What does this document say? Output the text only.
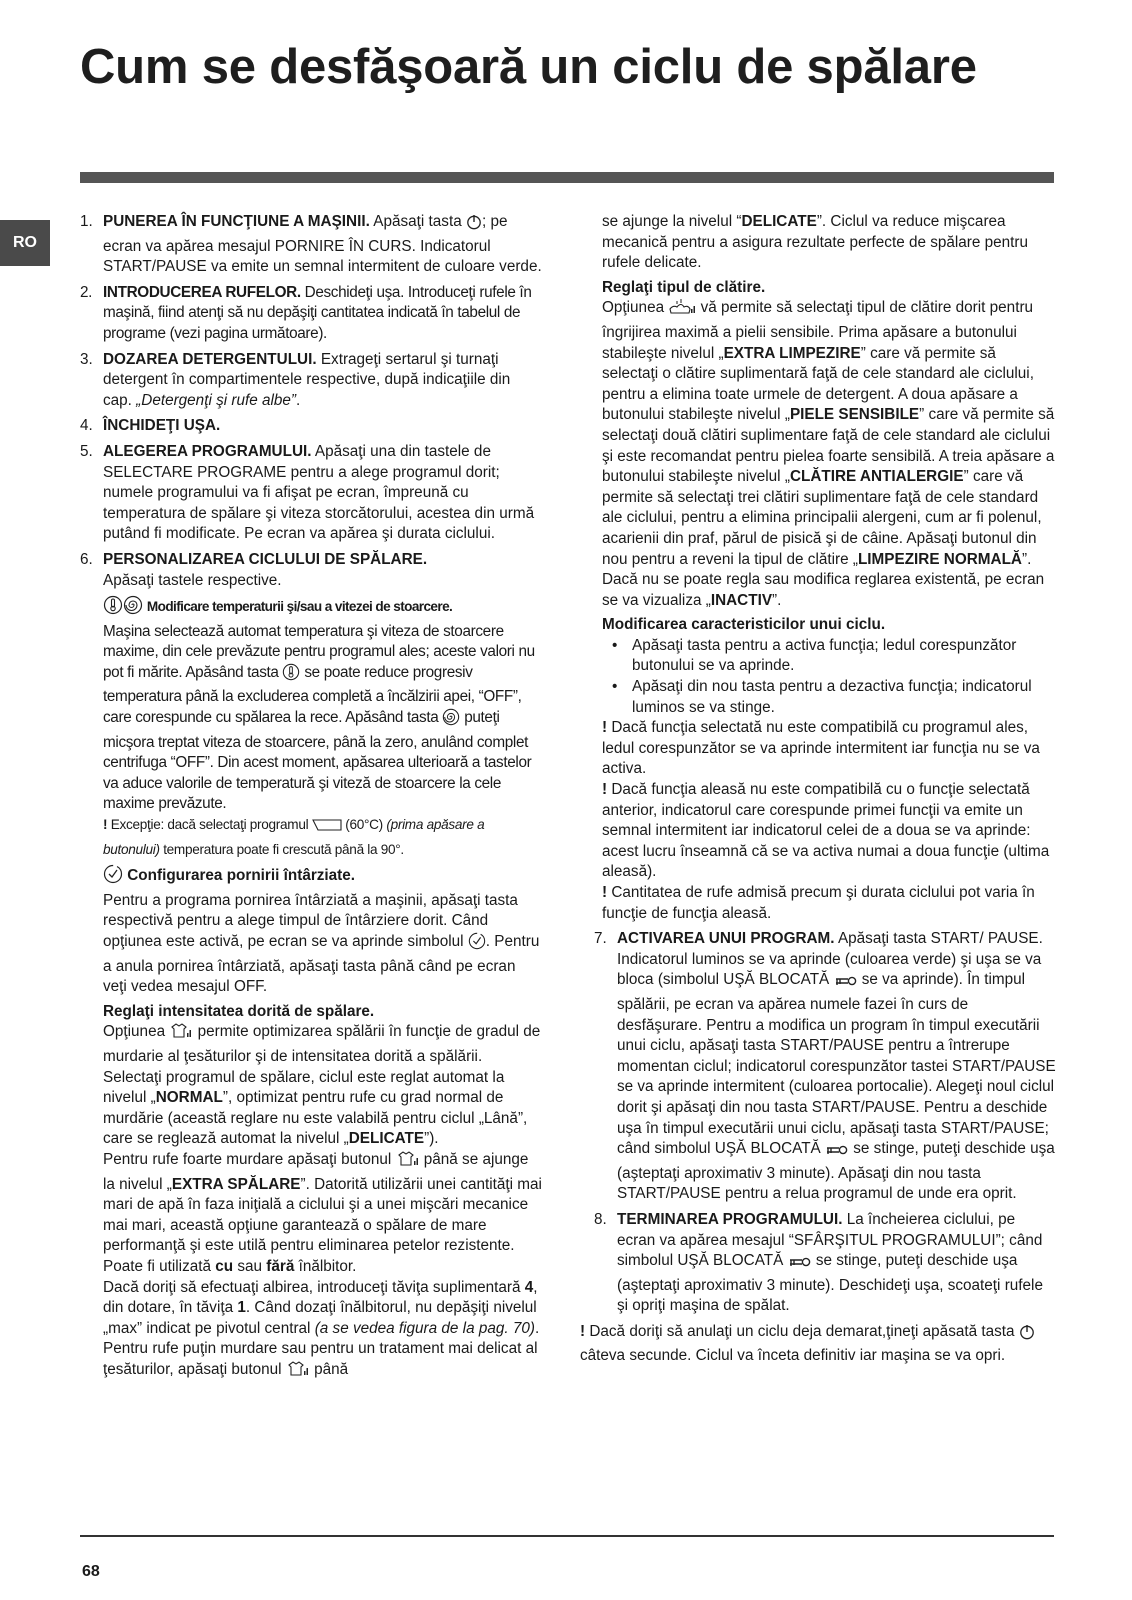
Cum se desfăşoară un ciclu de spălare
RO
1. PUNEREA ÎN FUNCŢIUNE A MAŞINII. Apăsaţi tasta ; pe ecran va apărea mesajul PORNIRE ÎN CURS. Indicatorul START/PAUSE va emite un semnal intermitent de culoare verde.

2. INTRODUCEREA RUFELOR. Deschideţi uşa. Introduceţi rufele în maşină, fiind atenţi să nu depăşiţi cantitatea indicată în tabelul de programe (vezi pagina următoare).

3. DOZAREA DETERGENTULUI. Extrageţi sertarul şi turnaţi detergent în compartimentele respective, după indicaţiile din cap. „Detergenţi şi rufe albe”.

4. ÎNCHIDEŢI UŞA.

5. ALEGEREA PROGRAMULUI. Apăsaţi una din tastele de SELECTARE PROGRAME pentru a alege programul dorit; numele programului va fi afişat pe ecran, împreună cu temperatura de spălare şi viteza storcătorului, acestea din urmă putând fi modificate. Pe ecran va apărea şi durata ciclului.

6. PERSONALIZAREA CICLULUI DE SPĂLARE.
Apăsaţi tastele respective.

Modificare temperaturii şi/sau a vitezei de stoarcere.

Maşina selectează automat temperatura şi viteza de stoarcere maxime, din cele prevăzute pentru programul ales; aceste valori nu pot fi mărite. Apăsând tasta  se poate reduce progresiv temperatura până la excluderea completă a încălzirii apei, “OFF”, care corespunde cu spălarea la rece. Apăsând tasta  puteţi micşora treptat viteza de stoarcere, până la zero, anulând complet centrifuga “OFF”. Din acest moment, apăsarea ulterioară a tastelor va aduce valorile de temperatură şi viteză de stoarcere la cele maxime prevăzute.

! Excepţie: dacă selectaţi programul  (60°C) (prima apăsare a butonului) temperatura poate fi crescută până la 90°.

Configurarea pornirii întârziate.

Pentru a programa pornirea întârziată a maşinii, apăsaţi tasta respectivă pentru a alege timpul de întârziere dorit. Când opţiunea este activă, pe ecran se va aprinde simbolul . Pentru a anula pornirea întârziată, apăsaţi tasta până când pe ecran veţi vedea mesajul OFF.

Reglaţi intensitatea dorită de spălare.

Opţiunea  permite optimizarea spălării în funcţie de gradul de murdarie al ţesăturilor şi de intensitatea dorită a spălării.

Selectaţi programul de spălare, ciclul este reglat automat la nivelul „NORMAL”, optimizat pentru rufe cu grad normal de murdărie (această reglare nu este valabilă pentru ciclul „Lână”, care se reglează automat la nivelul „DELICATE”).

Pentru rufe foarte murdare apăsaţi butonul  până se ajunge la nivelul „EXTRA SPĂLARE”. Datorită utilizării unei cantităţi mai mari de apă în faza iniţială a ciclului şi a unei mişcări mecanice mai mari, această opţiune garantează o spălare de mare performanţă şi este utilă pentru eliminarea petelor rezistente. Poate fi utilizată cu sau fără înălbitor.

Dacă doriţi să efectuaţi albirea, introduceţi tăviţa suplimentară 4, din dotare, în tăviţa 1. Când dozaţi înălbitorul, nu depăşiţi nivelul „max” indicat pe pivotul central (a se vedea figura de la pag. 70).

Pentru rufe puţin murdare sau pentru un tratament mai delicat al ţesăturilor, apăsaţi butonul  până

se ajunge la nivelul “DELICATE”. Ciclul va reduce mişcarea mecanică pentru a asigura rezultate perfecte de spălare pentru rufele delicate.

Reglaţi tipul de clătire.

Opţiunea  vă permite să selectaţi tipul de clătire dorit pentru îngrijirea maximă a pielii sensibile. Prima apăsare a butonului stabileşte nivelul „EXTRA LIMPEZIRE” care vă permite să selectaţi o clătire suplimentară faţă de cele standard ale ciclului, pentru a elimina toate urmele de detergent. A doua apăsare a butonului stabileşte nivelul „PIELE SENSIBILE” care vă permite să selectaţi două clătiri suplimentare faţă de cele standard ale ciclului şi este recomandat pentru pielea foarte sensibilă. A treia apăsare a butonului stabileşte nivelul „CLĂTIRE ANTIALERGIE” care vă permite să selectaţi trei clătiri suplimentare faţă de cele standard ale ciclului, pentru a elimina principalii alergeni, cum ar fi polenul, acarienii din praf, părul de pisică şi de câine. Apăsaţi butonul din nou pentru a reveni la tipul de clătire „LIMPEZIRE NORMALĂ”. Dacă nu se poate regla sau modifica reglarea existentă, pe ecran se va vizualiza „INACTIV”.

Modificarea caracteristicilor unui ciclu.

• Apăsaţi tasta pentru a activa funcţia; ledul corespunzător butonului se va aprinde.
• Apăsaţi din nou tasta pentru a dezactiva funcţia; indicatorul luminos se va stinge.

! Dacă funcţia selectată nu este compatibilă cu programul ales, ledul corespunzător se va aprinde intermitent iar funcţia nu se va activa.

! Dacă funcţia aleasă nu este compatibilă cu o funcţie selectată anterior, indicatorul care corespunde primei funcţii va emite un semnal intermitent iar indicatorul celei de a doua se va aprinde: acest lucru înseamnă că se va activa numai a doua funcţie (ultima aleasă).

! Cantitatea de rufe admisă precum şi durata ciclului pot varia în funcţie de funcţia aleasă.

7. ACTIVAREA UNUI PROGRAM. Apăsaţi tasta START/ PAUSE. Indicatorul luminos se va aprinde (culoarea verde) şi uşa se va bloca (simbolul UŞĂ BLOCATĂ  se va aprinde). În timpul spălării, pe ecran va apărea numele fazei în curs de desfăşurare. Pentru a modifica un program în timpul executării unui ciclu, apăsaţi tasta START/PAUSE pentru a întrerupe momentan ciclul; indicatorul corespunzător tastei START/PAUSE se va aprinde intermitent (culoarea portocalie). Alegeţi noul ciclul dorit şi apăsaţi din nou tasta START/PAUSE. Pentru a deschide uşa în timpul executării unui ciclu, apăsaţi tasta START/PAUSE; când simbolul UŞĂ BLOCATĂ  se stinge, puteţi deschide uşa (aşteptaţi aproximativ 3 minute). Apăsaţi din nou tasta START/PAUSE pentru a relua programul de unde era oprit.

8. TERMINAREA PROGRAMULUI. La încheierea ciclului, pe ecran va apărea mesajul “SFÂRŞITUL PROGRAMULUI”; când simbolul UŞĂ BLOCATĂ  se stinge, puteţi deschide uşa (aşteptaţi aproximativ 3 minute). Deschideţi uşa, scoateţi rufele şi opriţi maşina de spălat.

! Dacă doriţi să anulaţi un ciclu deja demarat,ţineţi apăsată tasta  câteva secunde. Ciclul va înceta definitiv iar maşina se va opri.

68
